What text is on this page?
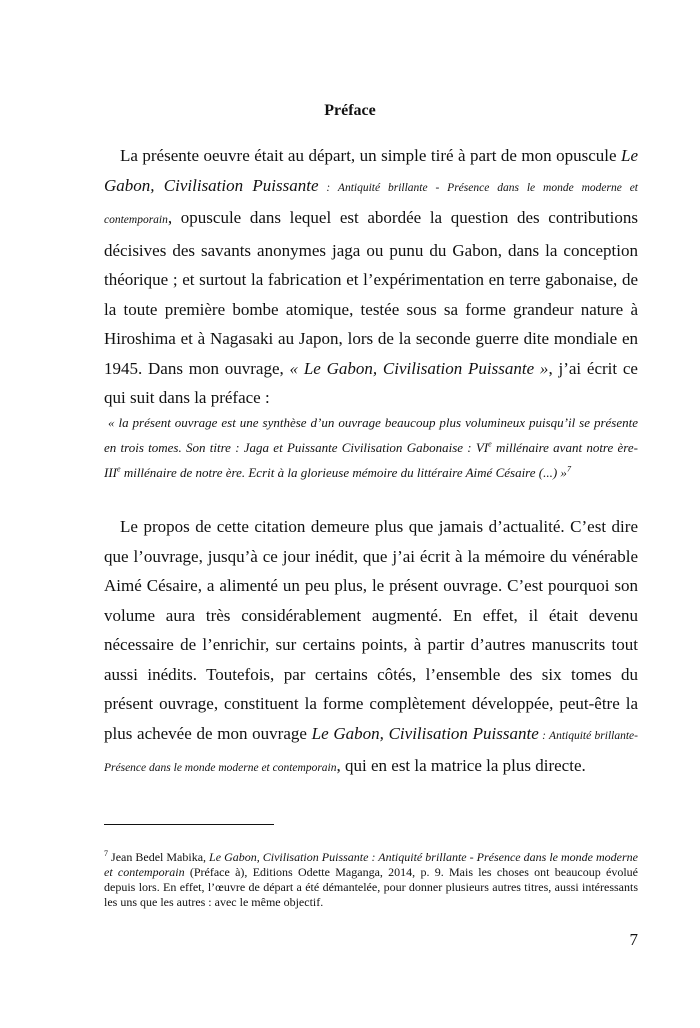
Préface

La présente oeuvre était au départ, un simple tiré à part de mon opuscule Le Gabon, Civilisation Puissante : Antiquité brillante - Présence dans le monde moderne et contemporain, opuscule dans lequel est abordée la question des contributions décisives des savants anonymes jaga ou punu du Gabon, dans la conception théorique ; et surtout la fabrication et l’expérimentation en terre gabonaise, de la toute première bombe atomique, testée sous sa forme grandeur nature à Hiroshima et à Nagasaki au Japon, lors de la seconde guerre dite mondiale en 1945. Dans mon ouvrage, « Le Gabon, Civilisation Puissante », j’ai écrit ce qui suit dans la préface :

« la présent ouvrage est une synthèse d’un ouvrage beaucoup plus volumineux puisqu’il se présente en trois tomes. Son titre : Jaga et Puissante Civilisation Gabonaise : VIe millénaire avant notre ère-IIIe millénaire de notre ère. Ecrit à la glorieuse mémoire du littéraire Aimé Césaire (...) »$^7$

Le propos de cette citation demeure plus que jamais d’actualité. C’est dire que l’ouvrage, jusqu’à ce jour inédit, que j’ai écrit à la mémoire du vénérable Aimé Césaire, a alimenté un peu plus, le présent ouvrage. C’est pourquoi son volume aura très considérablement augmenté. En effet, il était devenu nécessaire de l’enrichir, sur certains points, à partir d’autres manuscrits tout aussi inédits. Toutefois, par certains côtés, l’ensemble des six tomes du présent ouvrage, constituent la forme complètement développée, peut-être la plus achevée de mon ouvrage Le Gabon, Civilisation Puissante : Antiquité brillante-Présence dans le monde moderne et contemporain, qui en est la matrice la plus directe.

$^7$ Jean Bedel Mabika, Le Gabon, Civilisation Puissante : Antiquité brillante - Présence dans le monde moderne et contemporain (Préface à), Editions Odette Maganga, 2014, p. 9. Mais les choses ont beaucoup évolué depuis lors. En effet, l’œuvre de départ a été démantelée, pour donner plusieurs autres titres, aussi intéressants les uns que les autres : avec le même objectif.

7
